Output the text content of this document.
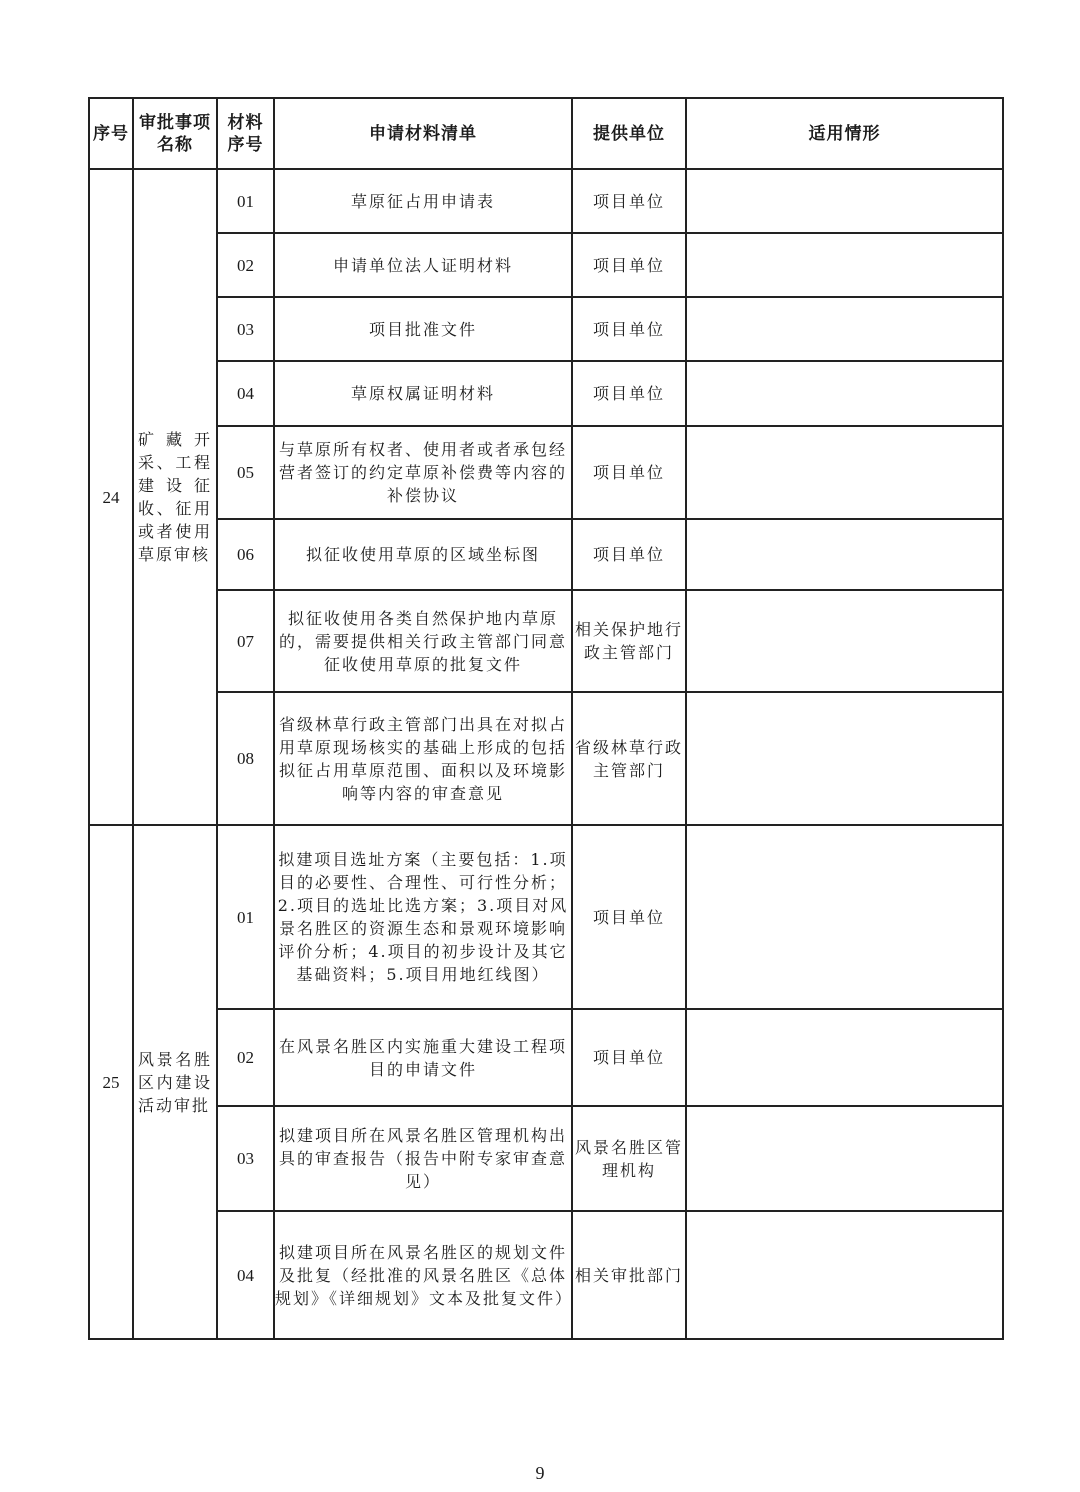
序号	审批事项名称	材料序号	申请材料清单	提供单位	适用情形
24	矿藏开采、工程建设征收、征用或者使用草原审核	01	草原征占用申请表	项目单位	
		02	申请单位法人证明材料	项目单位	
		03	项目批准文件	项目单位	
		04	草原权属证明材料	项目单位	
		05	与草原所有权者、使用者或者承包经营者签订的约定草原补偿费等内容的补偿协议	项目单位	
		06	拟征收使用草原的区域坐标图	项目单位	
		07	拟征收使用各类自然保护地内草原的，需要提供相关行政主管部门同意征收使用草原的批复文件	相关保护地行政主管部门	
		08	省级林草行政主管部门出具在对拟占用草原现场核实的基础上形成的包括拟征占用草原范围、面积以及环境影响等内容的审查意见	省级林草行政主管部门	
25	风景名胜区内建设活动审批	01	拟建项目选址方案（主要包括：1.项目的必要性、合理性、可行性分析；2.项目的选址比选方案；3.项目对风景名胜区的资源生态和景观环境影响评价分析；4.项目的初步设计及其它基础资料；5.项目用地红线图）	项目单位	
		02	在风景名胜区内实施重大建设工程项目的申请文件	项目单位	
		03	拟建项目所在风景名胜区管理机构出具的审查报告（报告中附专家审查意见）	风景名胜区管理机构	
		04	拟建项目所在风景名胜区的规划文件及批复（经批准的风景名胜区《总体规划》《详细规划》文本及批复文件）	相关审批部门	
9
